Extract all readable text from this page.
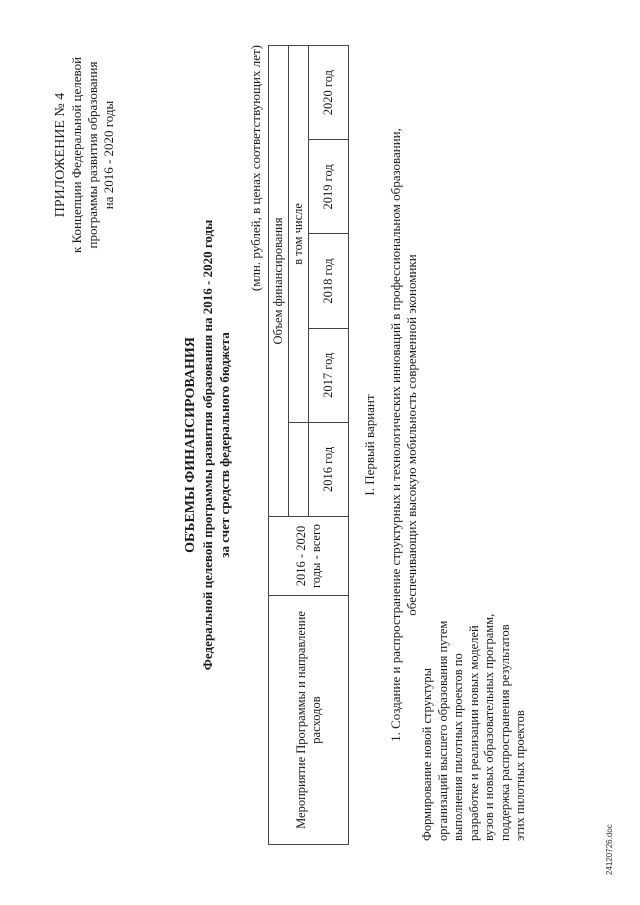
ПРИЛОЖЕНИЕ № 4 к Концепции Федеральной целевой программы развития образования на 2016 - 2020 годы
ОБЪЕМЫ ФИНАНСИРОВАНИЯ Федеральной целевой программы развития образования на 2016 - 2020 годы за счет средств федерального бюджета
(млн. рублей, в ценах соответствующих лет)
Мероприятие Программы и направление расходов	2016 - 2020 годы - всего	Объем финансирования				
			в том числе			
		2016 год	2017 год	2018 год	2019 год	2020 год
I. Первый вариант 1. Создание и распространение структурных и технологических инноваций в профессиональном образовании, обеспечивающих высокую мобильность современной экономики
Формирование новой структуры организаций высшего образования путем выполнения пилотных проектов по разработке и реализации новых моделей вузов и новых образовательных программ, поддержка распространения результатов этих пилотных проектов
24120726.doc
